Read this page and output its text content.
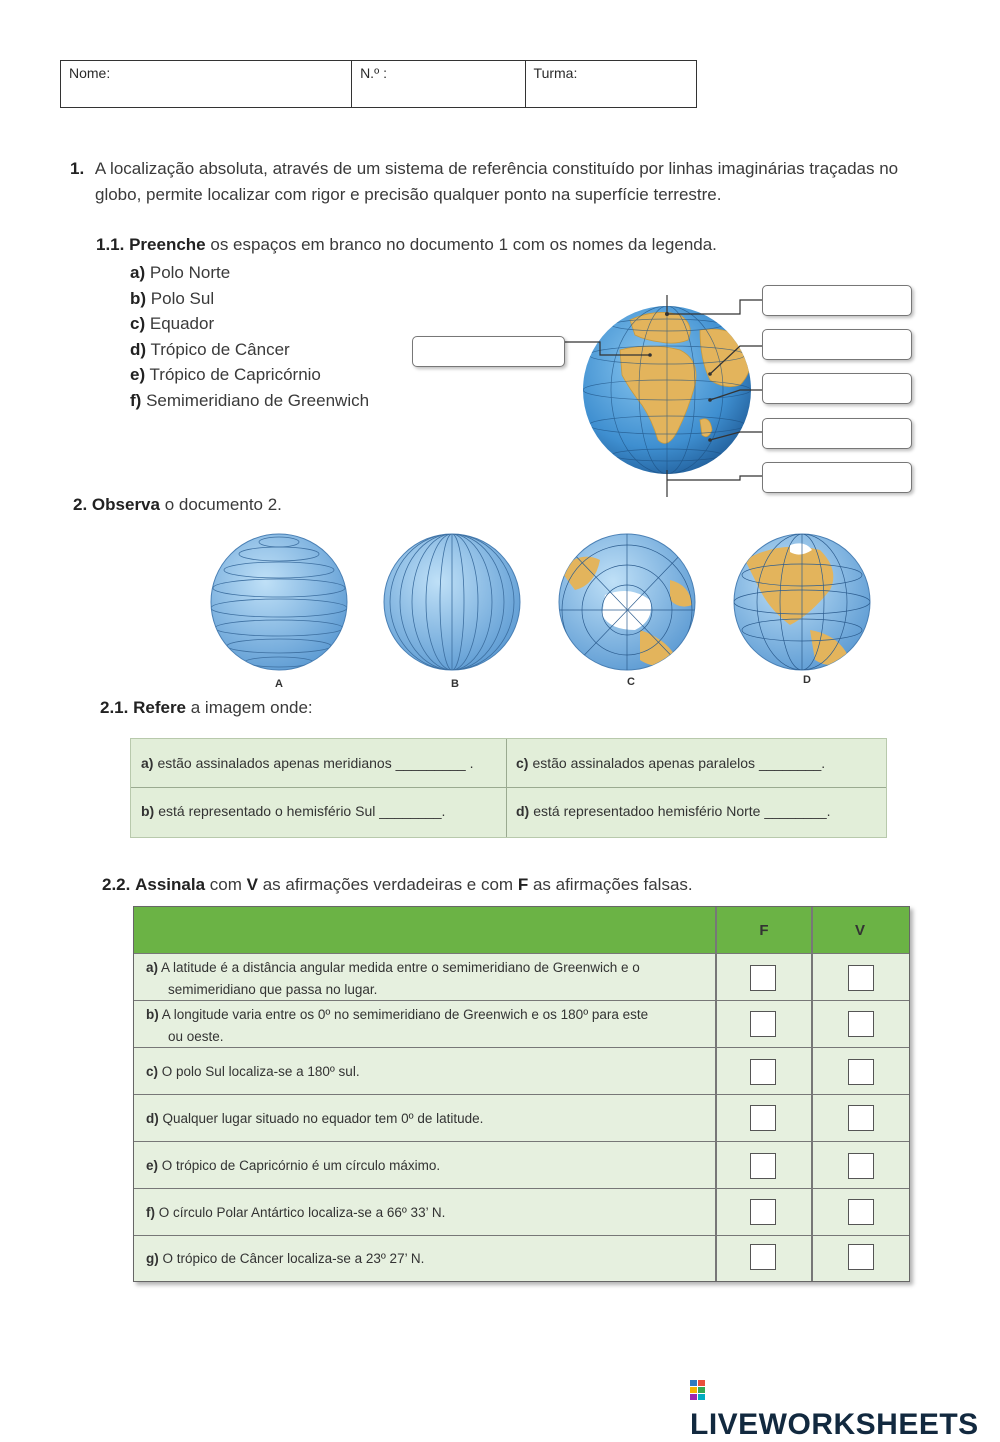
Nome:	N.º :	Turma:
1. A localização absoluta, através de um sistema de referência constituído por linhas imaginárias traçadas no
globo, permite localizar com rigor e precisão qualquer ponto na superfície terrestre.
1.1. Preenche os espaços em branco no documento 1 com os nomes da legenda.
a) Polo Norte
b) Polo Sul
c) Equador
d) Trópico de Câncer
e) Trópico de Capricórnio
f) Semimeridiano de Greenwich
2. Observa o documento 2.
A	B	C	D
2.1. Refere a imagem onde:
a) estão assinalados apenas meridianos _________ .	c) estão assinalados apenas paralelos ________.
b) está representado o hemisfério Sul ________.	d) está representadoo hemisfério Norte ________.
2.2. Assinala com V as afirmações verdadeiras e com F as afirmações falsas.
F	V
a) A latitude é a distância angular medida entre o semimeridiano de Greenwich e o
semimeridiano que passa no lugar.
b) A longitude varia entre os 0º no semimeridiano de Greenwich e os 180º para este
ou oeste.
c) O polo Sul localiza-se a 180º sul.
d) Qualquer lugar situado no equador tem 0º de latitude.
e) O trópico de Capricórnio é um círculo máximo.
f) O círculo Polar Antártico localiza-se a 66º 33’ N.
g) O trópico de Câncer localiza-se a 23º 27’ N.
LIVEWORKSHEETS
